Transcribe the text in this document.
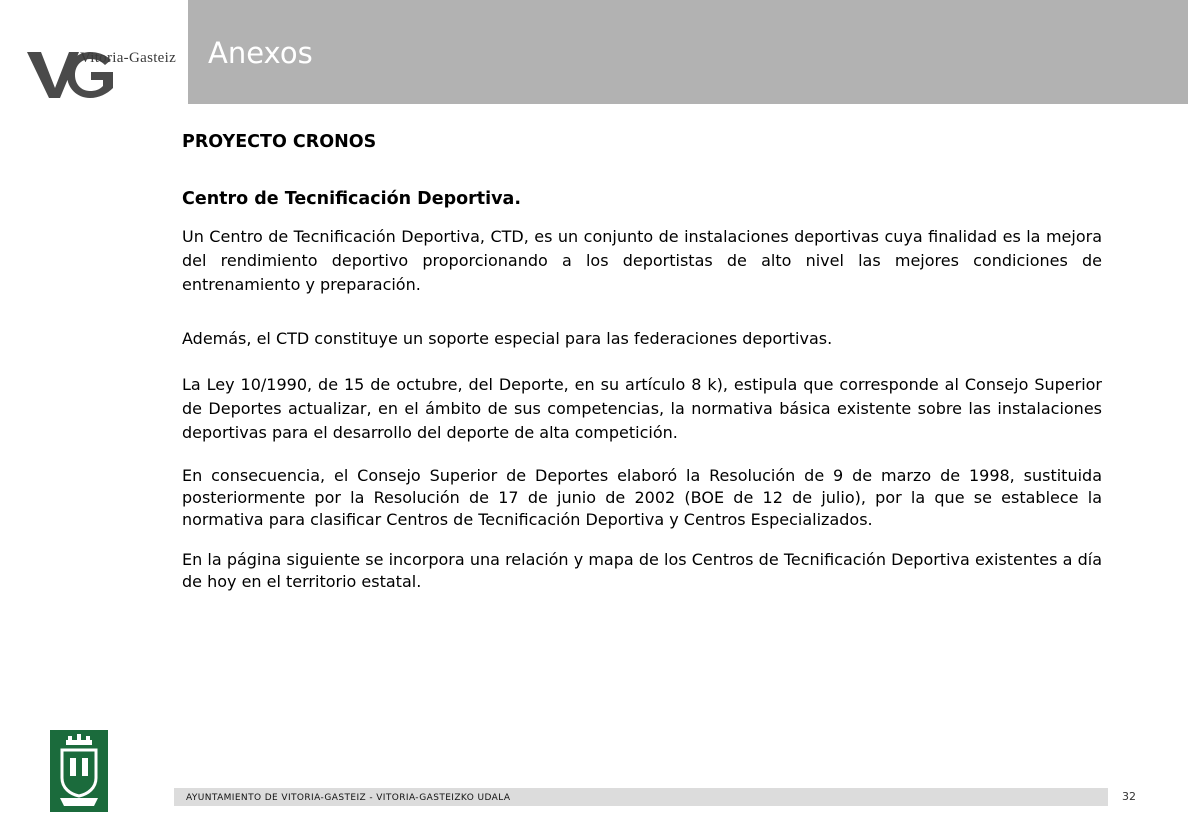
Vitoria-Gasteiz Anexos
PROYECTO CRONOS
Centro de Tecnificación Deportiva.

Un Centro de Tecnificación Deportiva, CTD, es un conjunto de instalaciones deportivas cuya finalidad es la mejora del rendimiento deportivo proporcionando a los deportistas de alto nivel las mejores condiciones de entrenamiento y preparación.

Además, el CTD constituye un soporte especial para las federaciones deportivas.

La Ley 10/1990, de 15 de octubre, del Deporte, en su artículo 8 k), estipula que corresponde al Consejo Superior de Deportes actualizar, en el ámbito de sus competencias, la normativa básica existente sobre las instalaciones deportivas para el desarrollo del deporte de alta competición.

En consecuencia, el Consejo Superior de Deportes elaboró la Resolución de 9 de marzo de 1998, sustituida posteriormente por la Resolución de 17 de junio de 2002 (BOE de 12 de julio), por la que se establece la normativa para clasificar Centros de Tecnificación Deportiva y Centros Especializados.

En la página siguiente se incorpora una relación y mapa de los Centros de Tecnificación Deportiva existentes a día de hoy en el territorio estatal.

AYUNTAMIENTO DE VITORIA-GASTEIZ - VITORIA-GASTEIZKO UDALA	32
